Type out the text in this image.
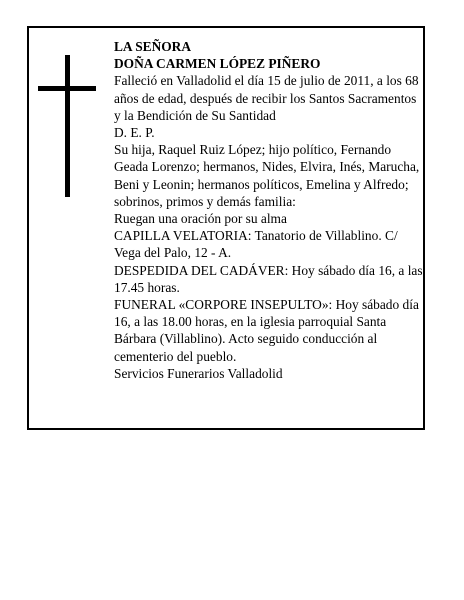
LA SEÑORA

DOÑA CARMEN LÓPEZ PIÑERO

Falleció en Valladolid el día 15 de julio de 2011, a los 68 años de edad, después de recibir los Santos Sacramentos y la Bendición de Su Santidad

D. E. P.

Su hija, Raquel Ruiz López; hijo político, Fernando Geada Lorenzo; hermanos, Nides, Elvira, Inés, Marucha, Beni y Leonin; hermanos políticos, Emelina y Alfredo; sobrinos, primos y demás familia:

Ruegan una oración por su alma

CAPILLA VELATORIA: Tanatorio de Villablino. C/ Vega del Palo, 12 - A.

DESPEDIDA DEL CADÁVER: Hoy sábado día 16, a las 17.45 horas.

FUNERAL «CORPORE INSEPULTO»: Hoy sábado día 16, a las 18.00 horas, en la iglesia parroquial Santa Bárbara (Villablino). Acto seguido conducción al cementerio del pueblo.

Servicios Funerarios Valladolid
